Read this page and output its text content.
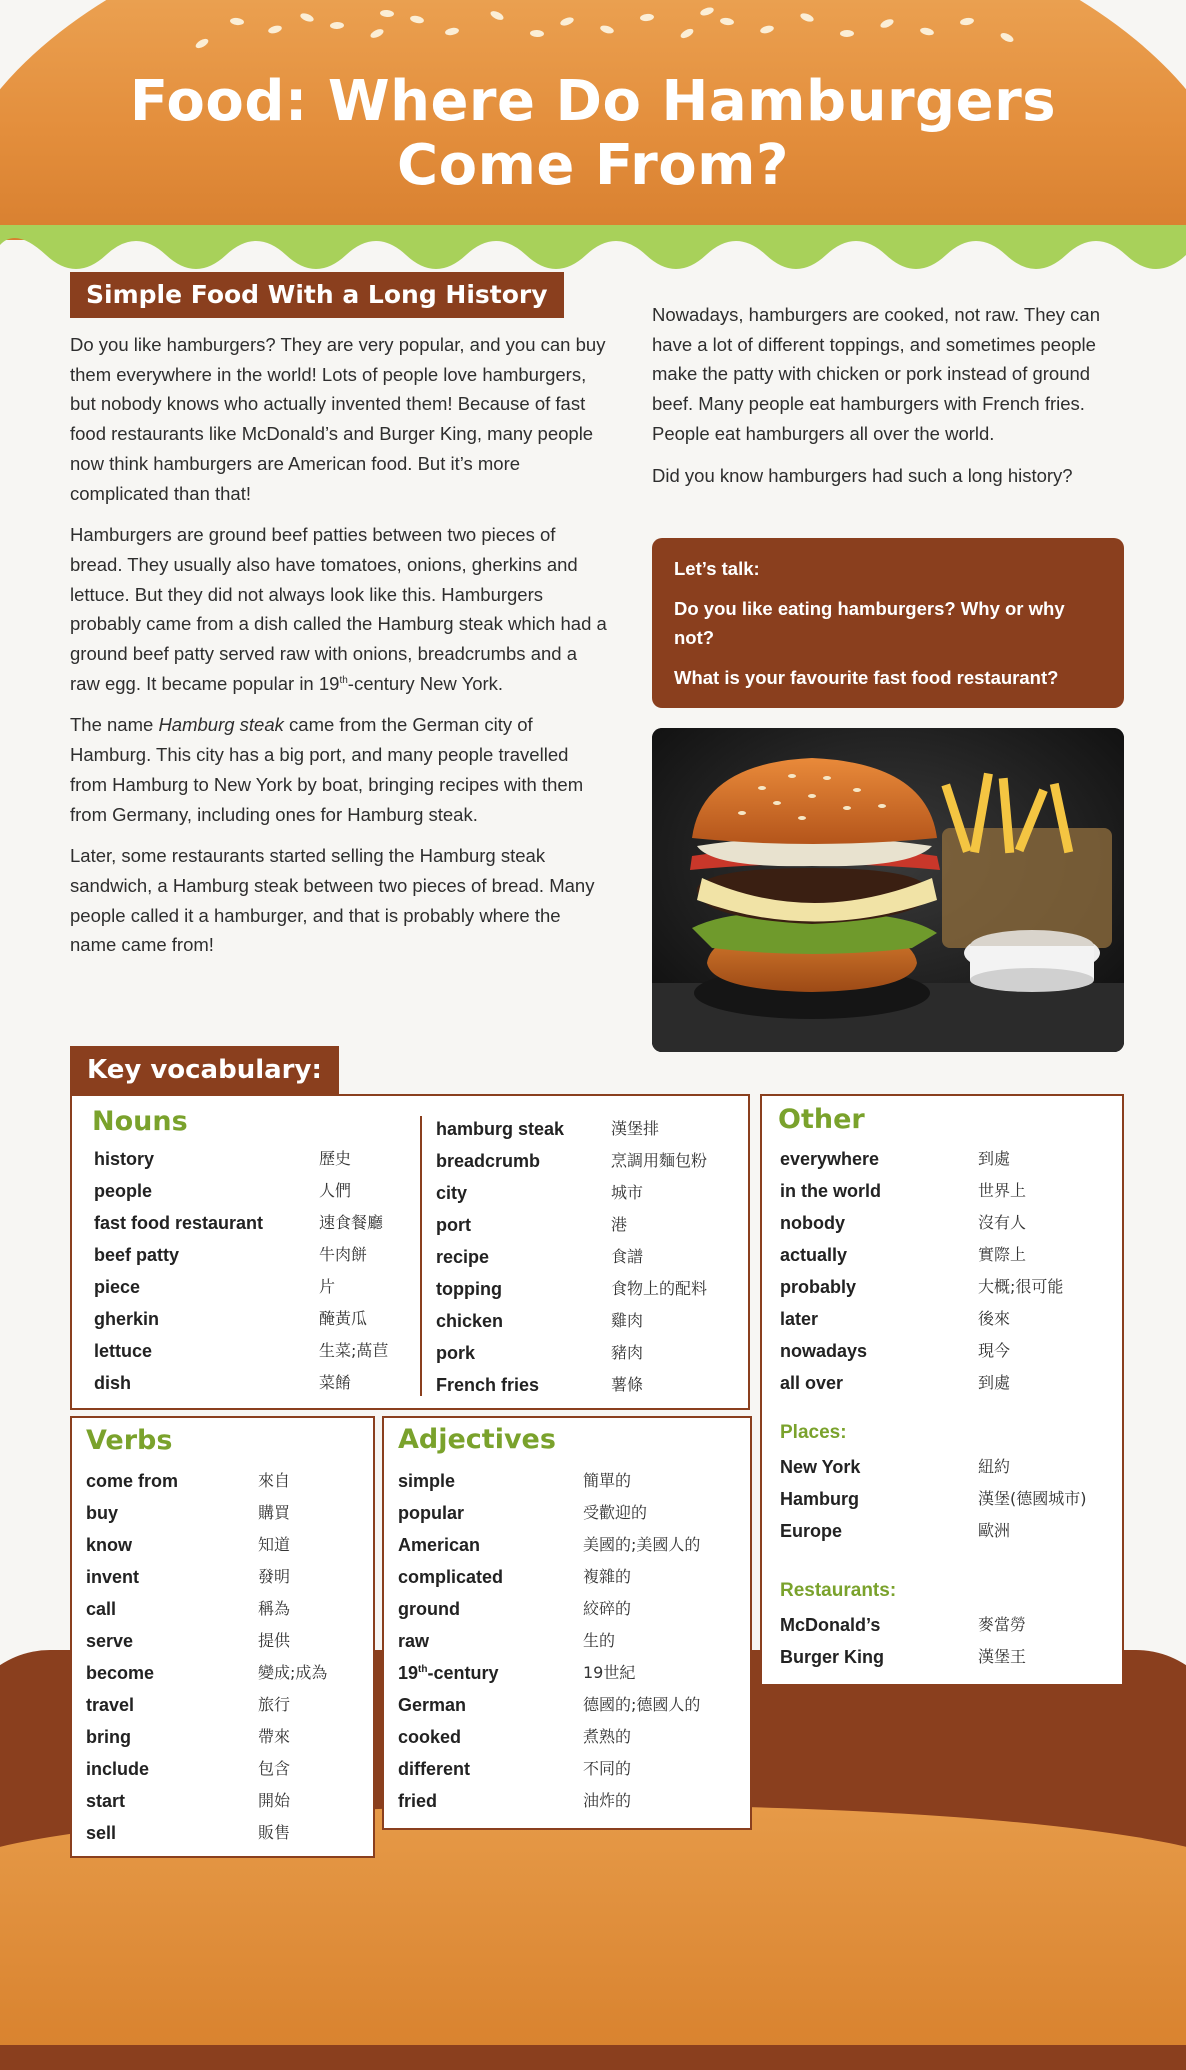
Food: Where Do Hamburgers
Come From?
Simple Food With a Long History

Do you like hamburgers? They are very popular, and you can buy them everywhere in the world! Lots of people love hamburgers, but nobody knows who actually invented them! Because of fast food restaurants like McDonald’s and Burger King, many people now think hamburgers are American food. But it’s more complicated than that!

Hamburgers are ground beef patties between two pieces of bread. They usually also have tomatoes, onions, gherkins and lettuce. But they did not always look like this. Hamburgers probably came from a dish called the Hamburg steak which had a ground beef patty served raw with onions, breadcrumbs and a raw egg. It became popular in 19th-century New York.

The name Hamburg steak came from the German city of Hamburg. This city has a big port, and many people travelled from Hamburg to New York by boat, bringing recipes with them from Germany, including ones for Hamburg steak.

Later, some restaurants started selling the Hamburg steak sandwich, a Hamburg steak between two pieces of bread. Many people called it a hamburger, and that is probably where the name came from!

Nowadays, hamburgers are cooked, not raw. They can have a lot of different toppings, and sometimes people make the patty with chicken or pork instead of ground beef. Many people eat hamburgers with French fries. People eat hamburgers all over the world.

Did you know hamburgers had such a long history?

Let’s talk:
Do you like eating hamburgers? Why or why not?
What is your favourite fast food restaurant?
Key vocabulary:
Nouns
history	歷史
people	人們
fast food restaurant	速食餐廳
beef patty	牛肉餅
piece	片
gherkin	醃黃瓜
lettuce	生菜;萵苣
dish	菜餚
hamburg steak	漢堡排
breadcrumb	烹調用麵包粉
city	城市
port	港
recipe	食譜
topping	食物上的配料
chicken	雞肉
pork	豬肉
French fries	薯條
Verbs
come from	來自
buy	購買
know	知道
invent	發明
call	稱為
serve	提供
become	變成;成為
travel	旅行
bring	帶來
include	包含
start	開始
sell	販售
Adjectives
simple	簡單的
popular	受歡迎的
American	美國的;美國人的
complicated	複雜的
ground	絞碎的
raw	生的
19th-century	19世紀
German	德國的;德國人的
cooked	煮熟的
different	不同的
fried	油炸的
Other
Places:
Restaurants:
everywhere	到處
in the world	世界上
nobody	沒有人
actually	實際上
probably	大概;很可能
later	後來
nowadays	現今
all over	到處
New York	紐約
Hamburg	漢堡(德國城市)
Europe	歐洲
McDonald’s	麥當勞
Burger King	漢堡王
